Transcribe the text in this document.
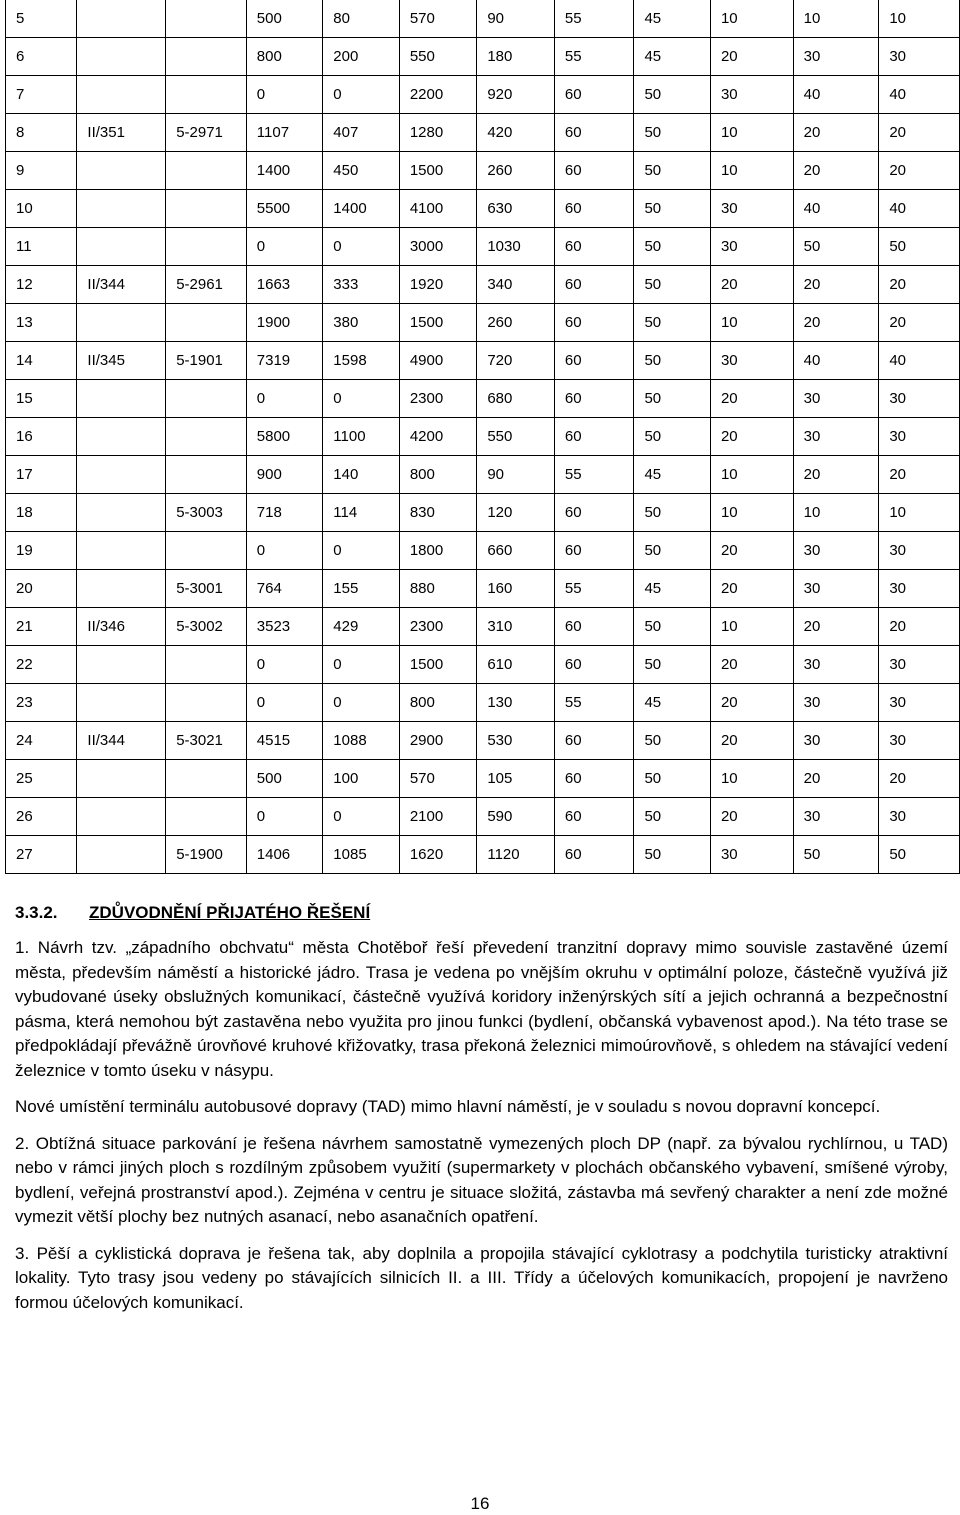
5			500	80	570	90	55	45	10	10	10
6			800	200	550	180	55	45	20	30	30
7			0	0	2200	920	60	50	30	40	40
8	II/351	5-2971	1107	407	1280	420	60	50	10	20	20
9			1400	450	1500	260	60	50	10	20	20
10			5500	1400	4100	630	60	50	30	40	40
11			0	0	3000	1030	60	50	30	50	50
12	II/344	5-2961	1663	333	1920	340	60	50	20	20	20
13			1900	380	1500	260	60	50	10	20	20
14	II/345	5-1901	7319	1598	4900	720	60	50	30	40	40
15			0	0	2300	680	60	50	20	30	30
16			5800	1100	4200	550	60	50	20	30	30
17			900	140	800	90	55	45	10	20	20
18		5-3003	718	114	830	120	60	50	10	10	10
19			0	0	1800	660	60	50	20	30	30
20		5-3001	764	155	880	160	55	45	20	30	30
21	II/346	5-3002	3523	429	2300	310	60	50	10	20	20
22			0	0	1500	610	60	50	20	30	30
23			0	0	800	130	55	45	20	30	30
24	II/344	5-3021	4515	1088	2900	530	60	50	20	30	30
25			500	100	570	105	60	50	10	20	20
26			0	0	2100	590	60	50	20	30	30
27		5-1900	1406	1085	1620	1120	60	50	30	50	50
3.3.2. ZDŮVODNĚNÍ PŘIJATÉHO ŘEŠENÍ

1. Návrh tzv. „západního obchvatu“ města Chotěboř řeší převedení tranzitní dopravy mimo souvisle zastavěné území města, především náměstí a historické jádro. Trasa je vedena po vnějším okruhu v optimální poloze, částečně využívá již vybudované úseky obslužných komunikací, částečně využívá koridory inženýrských sítí a jejich ochranná a bezpečnostní pásma, která nemohou být zastavěna nebo využita pro jinou funkci (bydlení, občanská vybavenost apod.). Na této trase se předpokládají převážně úrovňové kruhové křižovatky, trasa překoná železnici mimoúrovňově, s ohledem na stávající vedení železnice v tomto úseku v násypu.

Nové umístění terminálu autobusové dopravy (TAD) mimo hlavní náměstí, je v souladu s novou dopravní koncepcí.

2. Obtížná situace parkování je řešena návrhem samostatně vymezených ploch DP (např. za bývalou rychlírnou, u TAD) nebo v rámci jiných ploch s rozdílným způsobem využití (supermarkety v plochách občanského vybavení, smíšené výroby, bydlení, veřejná prostranství apod.). Zejména v centru je situace složitá, zástavba má sevřený charakter a není zde možné vymezit větší plochy bez nutných asanací, nebo asanačních opatření.

3. Pěší a cyklistická doprava je řešena tak, aby doplnila a propojila stávající cyklotrasy a podchytila turisticky atraktivní lokality. Tyto trasy jsou vedeny po stávajících silnicích II. a III. Třídy a účelových komunikacích, propojení je navrženo formou účelových komunikací.

16
